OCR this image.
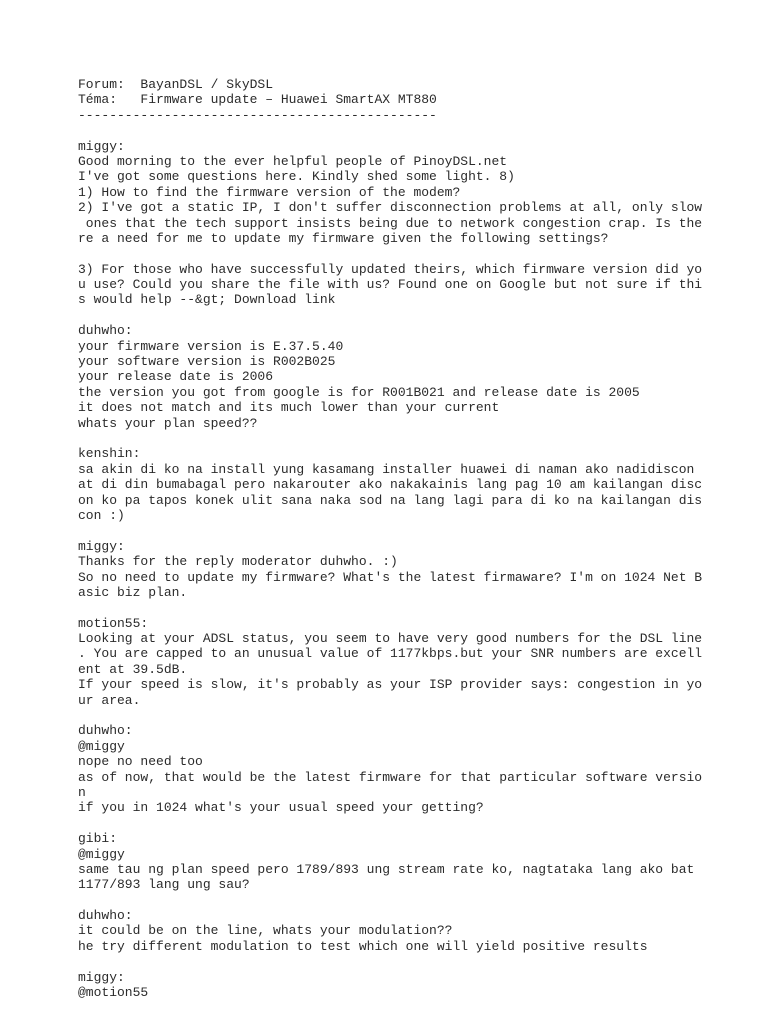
Forum:  BayanDSL / SkyDSL
Téma:   Firmware update – Huawei SmartAX MT880
----------------------------------------------
miggy:
Good morning to the ever helpful people of PinoyDSL.net
I've got some questions here. Kindly shed some light. 8)
1) How to find the firmware version of the modem?
2) I've got a static IP, I don't suffer disconnection problems at all, only slow
ones that the tech support insists being due to network congestion crap. Is the
re a need for me to update my firmware given the following settings?
3) For those who have successfully updated theirs, which firmware version did yo
u use? Could you share the file with us? Found one on Google but not sure if thi
s would help --&gt; Download link
duhwho:
your firmware version is E.37.5.40
your software version is R002B025
your release date is 2006
the version you got from google is for R001B021 and release date is 2005
it does not match and its much lower than your current
whats your plan speed??
kenshin:
sa akin di ko na install yung kasamang installer huawei di naman ako nadidiscon
at di din bumabagal pero nakarouter ako nakakainis lang pag 10 am kailangan disc
on ko pa tapos konek ulit sana naka sod na lang lagi para di ko na kailangan dis
con :)
miggy:
Thanks for the reply moderator duhwho. :)
So no need to update my firmware? What's the latest firmaware? I'm on 1024 Net B
asic biz plan.
motion55:
Looking at your ADSL status, you seem to have very good numbers for the DSL line
. You are capped to an unusual value of 1177kbps.but your SNR numbers are excell
ent at 39.5dB.
If your speed is slow, it's probably as your ISP provider says: congestion in yo
ur area.
duhwho:
@miggy
nope no need too
as of now, that would be the latest firmware for that particular software versio
n
if you in 1024 what's your usual speed your getting?
gibi:
@miggy
same tau ng plan speed pero 1789/893 ung stream rate ko, nagtataka lang ako bat
1177/893 lang ung sau?
duhwho:
it could be on the line, whats your modulation??
he try different modulation to test which one will yield positive results
miggy:
@motion55
